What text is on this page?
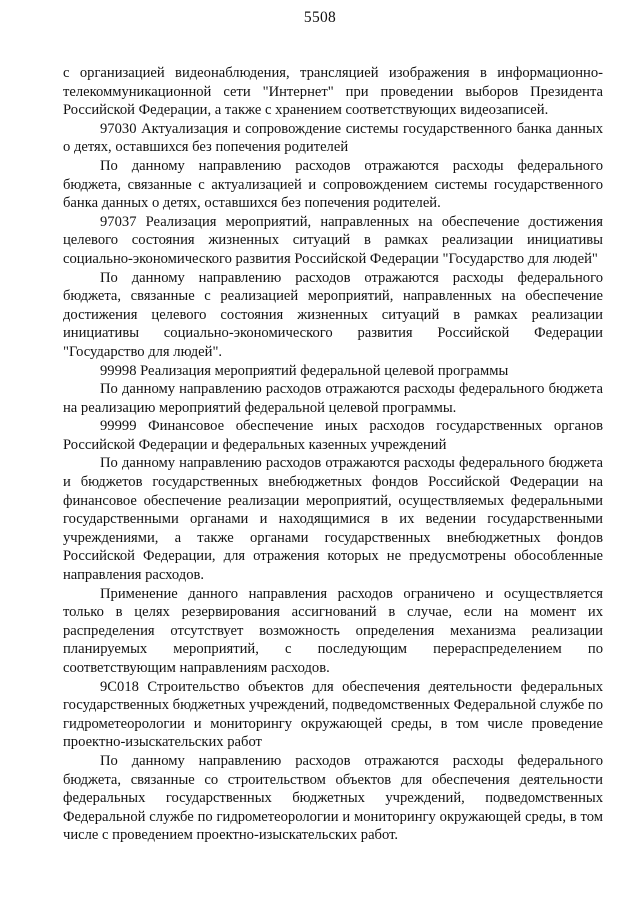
5508

с организацией видеонаблюдения, трансляцией изображения в информационно-телекоммуникационной сети "Интернет" при проведении выборов Президента Российской Федерации, а также с хранением соответствующих видеозаписей.

97030 Актуализация и сопровождение системы государственного банка данных о детях, оставшихся без попечения родителей

По данному направлению расходов отражаются расходы федерального бюджета, связанные с актуализацией и сопровождением системы государственного банка данных о детях, оставшихся без попечения родителей.

97037 Реализация мероприятий, направленных на обеспечение достижения целевого состояния жизненных ситуаций в рамках реализации инициативы социально-экономического развития Российской Федерации "Государство для людей"

По данному направлению расходов отражаются расходы федерального бюджета, связанные с реализацией мероприятий, направленных на обеспечение достижения целевого состояния жизненных ситуаций в рамках реализации инициативы социально-экономического развития Российской Федерации "Государство для людей".

99998 Реализация мероприятий федеральной целевой программы

По данному направлению расходов отражаются расходы федерального бюджета на реализацию мероприятий федеральной целевой программы.

99999 Финансовое обеспечение иных расходов государственных органов Российской Федерации и федеральных казенных учреждений

По данному направлению расходов отражаются расходы федерального бюджета и бюджетов государственных внебюджетных фондов Российской Федерации на финансовое обеспечение реализации мероприятий, осуществляемых федеральными государственными органами и находящимися в их ведении государственными учреждениями, а также органами государственных внебюджетных фондов Российской Федерации, для отражения которых не предусмотрены обособленные направления расходов.

Применение данного направления расходов ограничено и осуществляется только в целях резервирования ассигнований в случае, если на момент их распределения отсутствует возможность определения механизма реализации планируемых мероприятий, с последующим перераспределением по соответствующим направлениям расходов.

9С018 Строительство объектов для обеспечения деятельности федеральных государственных бюджетных учреждений, подведомственных Федеральной службе по гидрометеорологии и мониторингу окружающей среды, в том числе проведение проектно-изыскательских работ

По данному направлению расходов отражаются расходы федерального бюджета, связанные со строительством объектов для обеспечения деятельности федеральных государственных бюджетных учреждений, подведомственных Федеральной службе по гидрометеорологии и мониторингу окружающей среды, в том числе с проведением проектно-изыскательских работ.
